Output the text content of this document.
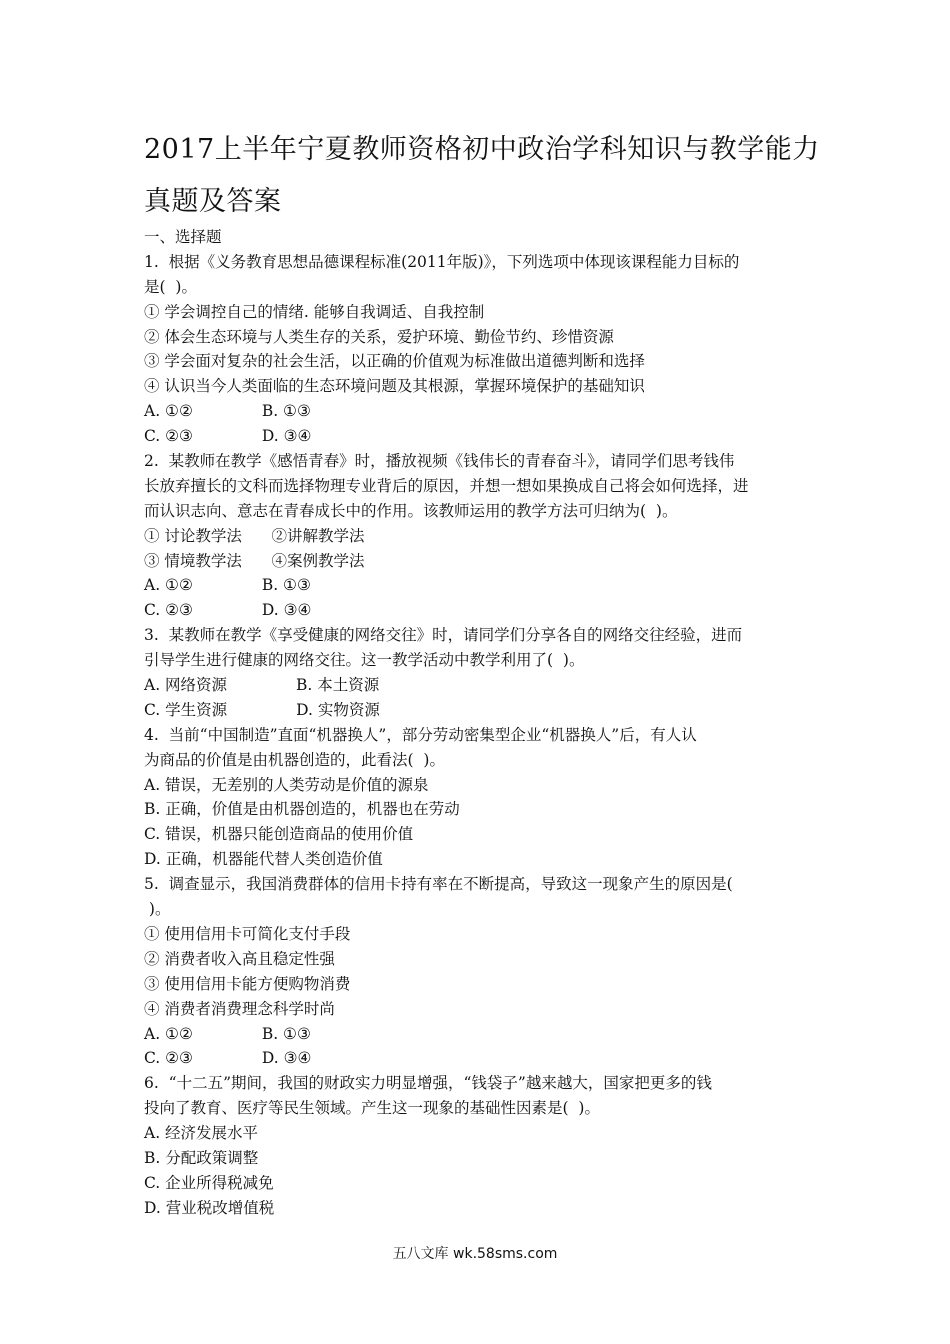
2017上半年宁夏教师资格初中政治学科知识与教学能力真题及答案
一、选择题
1.  根据《义务教育思想品德课程标准(2011年版)》，下列选项中体现该课程能力目标的
是(  )。
① 学会调控自己的情绪. 能够自我调适、自我控制
② 体会生态环境与人类生存的关系，爱护环境、勤俭节约、珍惜资源
③ 学会面对复杂的社会生活，以正确的价值观为标准做出道德判断和选择
④ 认识当今人类面临的生态环境问题及其根源，掌握环境保护的基础知识
A. ①②              B. ①③
C. ②③              D. ③④
2.  某教师在教学《感悟青春》时，播放视频《钱伟长的青春奋斗》，请同学们思考钱伟
长放弃擅长的文科而选择物理专业背后的原因，并想一想如果换成自己将会如何选择，进
而认识志向、意志在青春成长中的作用。该教师运用的教学方法可归纳为(  )。
① 讨论教学法      ②讲解教学法
③ 情境教学法      ④案例教学法
A. ①②              B. ①③
C. ②③              D. ③④
3.  某教师在教学《享受健康的网络交往》时，请同学们分享各自的网络交往经验，进而
引导学生进行健康的网络交往。这一教学活动中教学利用了(  )。
A. 网络资源              B. 本土资源
C. 学生资源              D. 实物资源
4.  当前“中国制造”直面“机器换人”，部分劳动密集型企业“机器换人”后，有人认
为商品的价值是由机器创造的，此看法(  )。
A. 错误，无差别的人类劳动是价值的源泉
B. 正确，价值是由机器创造的，机器也在劳动
C. 错误，机器只能创造商品的使用价值
D. 正确，机器能代替人类创造价值
5.  调查显示，我国消费群体的信用卡持有率在不断提高，导致这一现象产生的原因是(
)。
① 使用信用卡可简化支付手段
② 消费者收入高且稳定性强
③ 使用信用卡能方便购物消费
④ 消费者消费理念科学时尚
A. ①②              B. ①③
C. ②③              D. ③④
6.  “十二五”期间，我国的财政实力明显增强，“钱袋子”越来越大，国家把更多的钱
投向了教育、医疗等民生领域。产生这一现象的基础性因素是(  )。
A. 经济发展水平
B. 分配政策调整
C. 企业所得税减免
D. 营业税改增值税
五八文库 wk.58sms.com
